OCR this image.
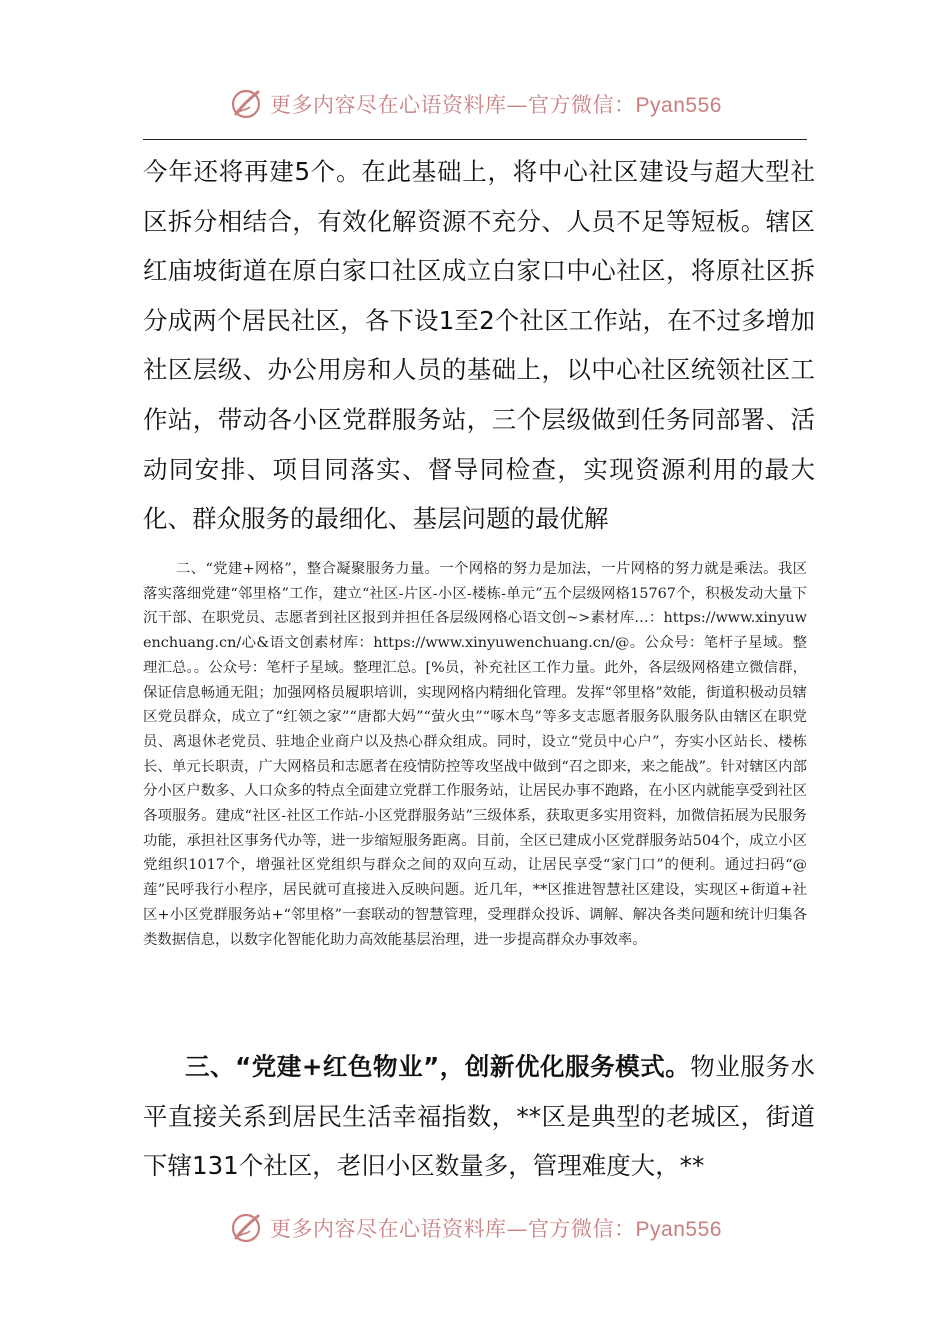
更多内容尽在心语资料库—官方微信：Pyan556

今年还将再建5个。在此基础上，将中心社区建设与超大型社区拆分相结合，有效化解资源不充分、人员不足等短板。辖区红庙坡街道在原白家口社区成立白家口中心社区，将原社区拆分成两个居民社区，各下设1至2个社区工作站，在不过多增加社区层级、办公用房和人员的基础上，以中心社区统领社区工作站，带动各小区党群服务站，三个层级做到任务同部署、活动同安排、项目同落实、督导同检查，实现资源利用的最大化、群众服务的最细化、基层问题的最优解

二、“党建+网格”，整合凝聚服务力量。一个网格的努力是加法，一片网格的努力就是乘法。我区落实落细党建“邻里格”工作，建立“社区-片区-小区-楼栋-单元”五个层级网格15767个，积极发动大量下沉干部、在职党员、志愿者到社区报到并担任各层级网格心语文创~>素材库…：https://www.xinyuwenchuang.cn/心&语文创素材库：https://www.xinyuwenchuang.cn/@。公众号：笔杆子星域。整理汇总。。公众号：笔杆子星域。整理汇总。[%员，补充社区工作力量。此外，各层级网格建立微信群，保证信息畅通无阻；加强网格员履职培训，实现网格内精细化管理。发挥“邻里格”效能，街道积极动员辖区党员群众，成立了“红领之家”“唐都大妈”“萤火虫”“啄木鸟”等多支志愿者服务队服务队由辖区在职党员、离退休老党员、驻地企业商户以及热心群众组成。同时，设立“党员中心户”，夯实小区站长、楼栋长、单元长职责，广大网格员和志愿者在疫情防控等攻坚战中做到“召之即来，来之能战”。针对辖区内部分小区户数多、人口众多的特点全面建立党群工作服务站，让居民办事不跑路，在小区内就能享受到社区各项服务。建成“社区-社区工作站-小区党群服务站”三级体系，获取更多实用资料，加微信拓展为民服务功能，承担社区事务代办等，进一步缩短服务距离。目前，全区已建成小区党群服务站504个，成立小区党组织1017个，增强社区党组织与群众之间的双向互动，让居民享受“家门口”的便利。通过扫码“@莲”民呼我行小程序，居民就可直接进入反映问题。近几年，**区推进智慧社区建设，实现区+街道+社区+小区党群服务站+“邻里格”一套联动的智慧管理，受理群众投诉、调解、解决各类问题和统计归集各类数据信息，以数字化智能化助力高效能基层治理，进一步提高群众办事效率。

三、“党建+红色物业”，创新优化服务模式。物业服务水平直接关系到居民生活幸福指数，**区是典型的老城区，街道下辖131个社区，老旧小区数量多，管理难度大，**

更多内容尽在心语资料库—官方微信：Pyan556
